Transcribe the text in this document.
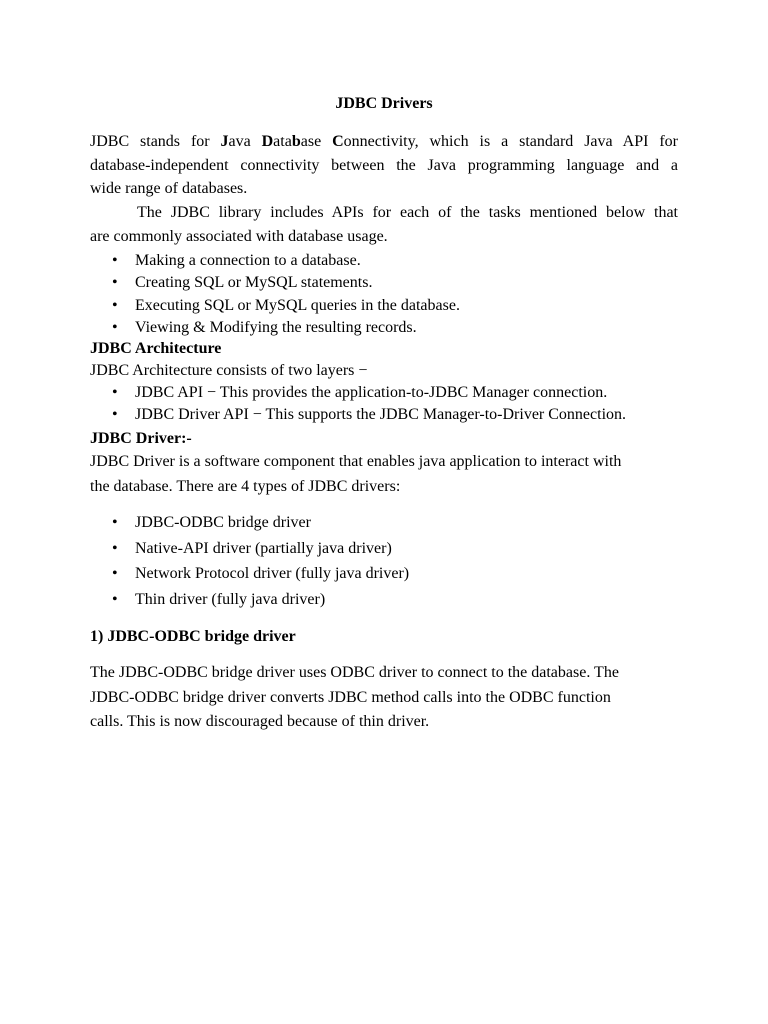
JDBC Drivers
JDBC stands for Java Database Connectivity, which is a standard Java API for
database-independent connectivity between the Java programming language and a
wide range of databases.
The JDBC library includes APIs for each of the tasks mentioned below that
are commonly associated with database usage.
• Making a connection to a database.
• Creating SQL or MySQL statements.
• Executing SQL or MySQL queries in the database.
• Viewing & Modifying the resulting records.
JDBC Architecture
JDBC Architecture consists of two layers −
• JDBC API − This provides the application-to-JDBC Manager connection.
• JDBC Driver API − This supports the JDBC Manager-to-Driver Connection.
JDBC Driver:-
JDBC Driver is a software component that enables java application to interact with
the database. There are 4 types of JDBC drivers:
• JDBC-ODBC bridge driver
• Native-API driver (partially java driver)
• Network Protocol driver (fully java driver)
• Thin driver (fully java driver)
1) JDBC-ODBC bridge driver
The JDBC-ODBC bridge driver uses ODBC driver to connect to the database. The
JDBC-ODBC bridge driver converts JDBC method calls into the ODBC function
calls. This is now discouraged because of thin driver.
